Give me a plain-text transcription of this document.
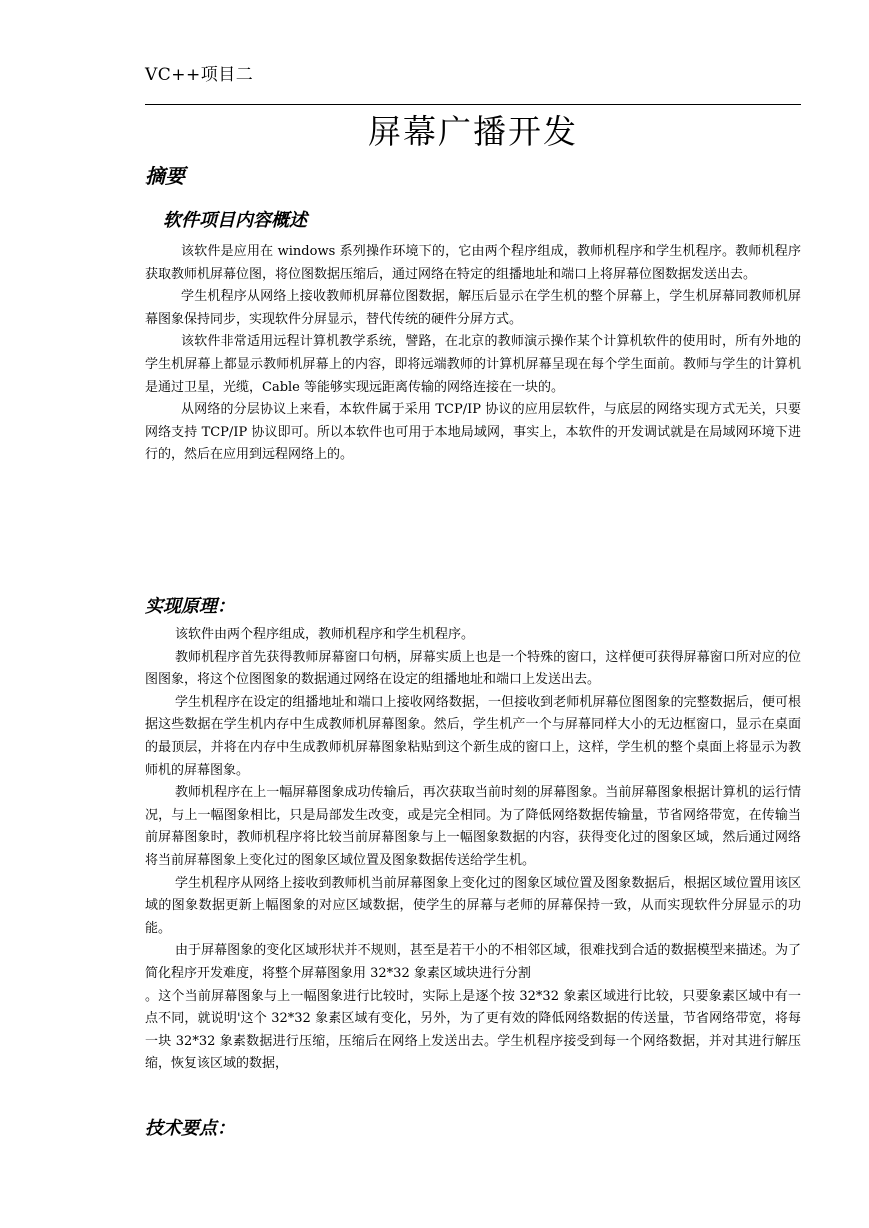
VC++项目二
屏幕广播开发
摘要
软件项目内容概述

该软件是应用在 windows 系列操作环境下的，它由两个程序组成，教师机程序和学生机程序。教师机程序获取教师机屏幕位图，将位图数据压缩后，通过网络在特定的组播地址和端口上将屏幕位图数据发送出去。

学生机程序从网络上接收教师机屏幕位图数据，解压后显示在学生机的整个屏幕上，学生机屏幕同教师机屏幕图象保持同步，实现软件分屏显示，替代传统的硬件分屏方式。

该软件非常适用远程计算机教学系统，譬路，在北京的教师演示操作某个计算机软件的使用时，所有外地的学生机屏幕上都显示教师机屏幕上的内容，即将远端教师的计算机屏幕呈现在每个学生面前。教师与学生的计算机是通过卫星，光缆，Cable 等能够实现远距离传输的网络连接在一块的。

从网络的分层协议上来看，本软件属于采用 TCP/IP 协议的应用层软件，与底层的网络实现方式无关，只要网络支持 TCP/IP 协议即可。所以本软件也可用于本地局域网，事实上，本软件的开发调试就是在局域网环境下进行的，然后在应用到远程网络上的。

实现原理：

该软件由两个程序组成，教师机程序和学生机程序。

教师机程序首先获得教师屏幕窗口句柄，屏幕实质上也是一个特殊的窗口，这样便可获得屏幕窗口所对应的位图图象，将这个位图图象的数据通过网络在设定的组播地址和端口上发送出去。

学生机程序在设定的组播地址和端口上接收网络数据，一但接收到老师机屏幕位图图象的完整数据后，便可根据这些数据在学生机内存中生成教师机屏幕图象。然后，学生机产一个与屏幕同样大小的无边框窗口，显示在桌面的最顶层，并将在内存中生成教师机屏幕图象粘贴到这个新生成的窗口上，这样，学生机的整个桌面上将显示为教师机的屏幕图象。

教师机程序在上一幅屏幕图象成功传输后，再次获取当前时刻的屏幕图象。当前屏幕图象根据计算机的运行情况，与上一幅图象相比，只是局部发生改变，或是完全相同。为了降低网络数据传输量，节省网络带宽，在传输当前屏幕图象时，教师机程序将比较当前屏幕图象与上一幅图象数据的内容，获得变化过的图象区域，然后通过网络将当前屏幕图象上变化过的图象区域位置及图象数据传送给学生机。

学生机程序从网络上接收到教师机当前屏幕图象上变化过的图象区域位置及图象数据后，根据区域位置用该区域的图象数据更新上幅图象的对应区域数据，使学生的屏幕与老师的屏幕保持一致，从而实现软件分屏显示的功能。

由于屏幕图象的变化区域形状并不规则，甚至是若干小的不相邻区域，很难找到合适的数据模型来描述。为了简化程序开发难度，将整个屏幕图象用 32*32 象素区域块进行分割

。这个当前屏幕图象与上一幅图象进行比较时，实际上是逐个按 32*32 象素区域进行比较，只要象素区域中有一点不同，就说明'这个 32*32 象素区域有变化，另外，为了更有效的降低网络数据的传送量，节省网络带宽，将每一块 32*32 象素数据进行压缩，压缩后在网络上发送出去。学生机程序接受到每一个网络数据，并对其进行解压缩，恢复该区域的数据，

技术要点：
